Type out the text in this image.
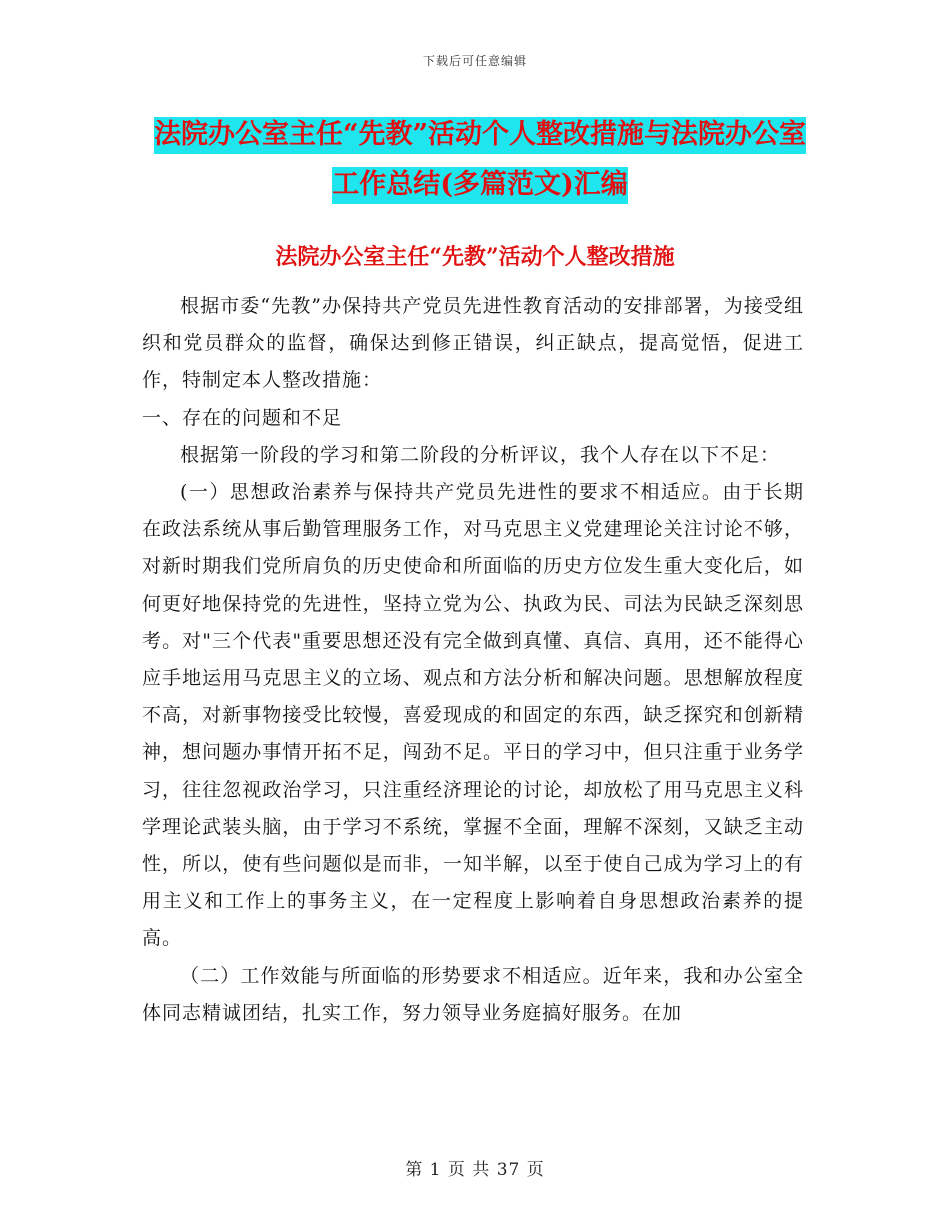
下载后可任意编辑
法院办公室主任“先教”活动个人整改措施与法院办公室工作总结(多篇范文)汇编
法院办公室主任“先教”活动个人整改措施

根据市委“先教”办保持共产党员先进性教育活动的安排部署，为接受组织和党员群众的监督，确保达到修正错误，纠正缺点，提高觉悟，促进工作，特制定本人整改措施：

一、存在的问题和不足

根据第一阶段的学习和第二阶段的分析评议，我个人存在以下不足：

(一）思想政治素养与保持共产党员先进性的要求不相适应。由于长期在政法系统从事后勤管理服务工作，对马克思主义党建理论关注讨论不够，对新时期我们党所肩负的历史使命和所面临的历史方位发生重大变化后，如何更好地保持党的先进性，坚持立党为公、执政为民、司法为民缺乏深刻思考。对"三个代表"重要思想还没有完全做到真懂、真信、真用，还不能得心应手地运用马克思主义的立场、观点和方法分析和解决问题。思想解放程度不高，对新事物接受比较慢，喜爱现成的和固定的东西，缺乏探究和创新精神，想问题办事情开拓不足，闯劲不足。平日的学习中，但只注重于业务学习，往往忽视政治学习，只注重经济理论的讨论，却放松了用马克思主义科学理论武装头脑，由于学习不系统，掌握不全面，理解不深刻，又缺乏主动性，所以，使有些问题似是而非，一知半解，以至于使自己成为学习上的有用主义和工作上的事务主义，在一定程度上影响着自身思想政治素养的提高。

（二）工作效能与所面临的形势要求不相适应。近年来，我和办公室全体同志精诚团结，扎实工作，努力领导业务庭搞好服务。在加

第 1 页 共 37 页
